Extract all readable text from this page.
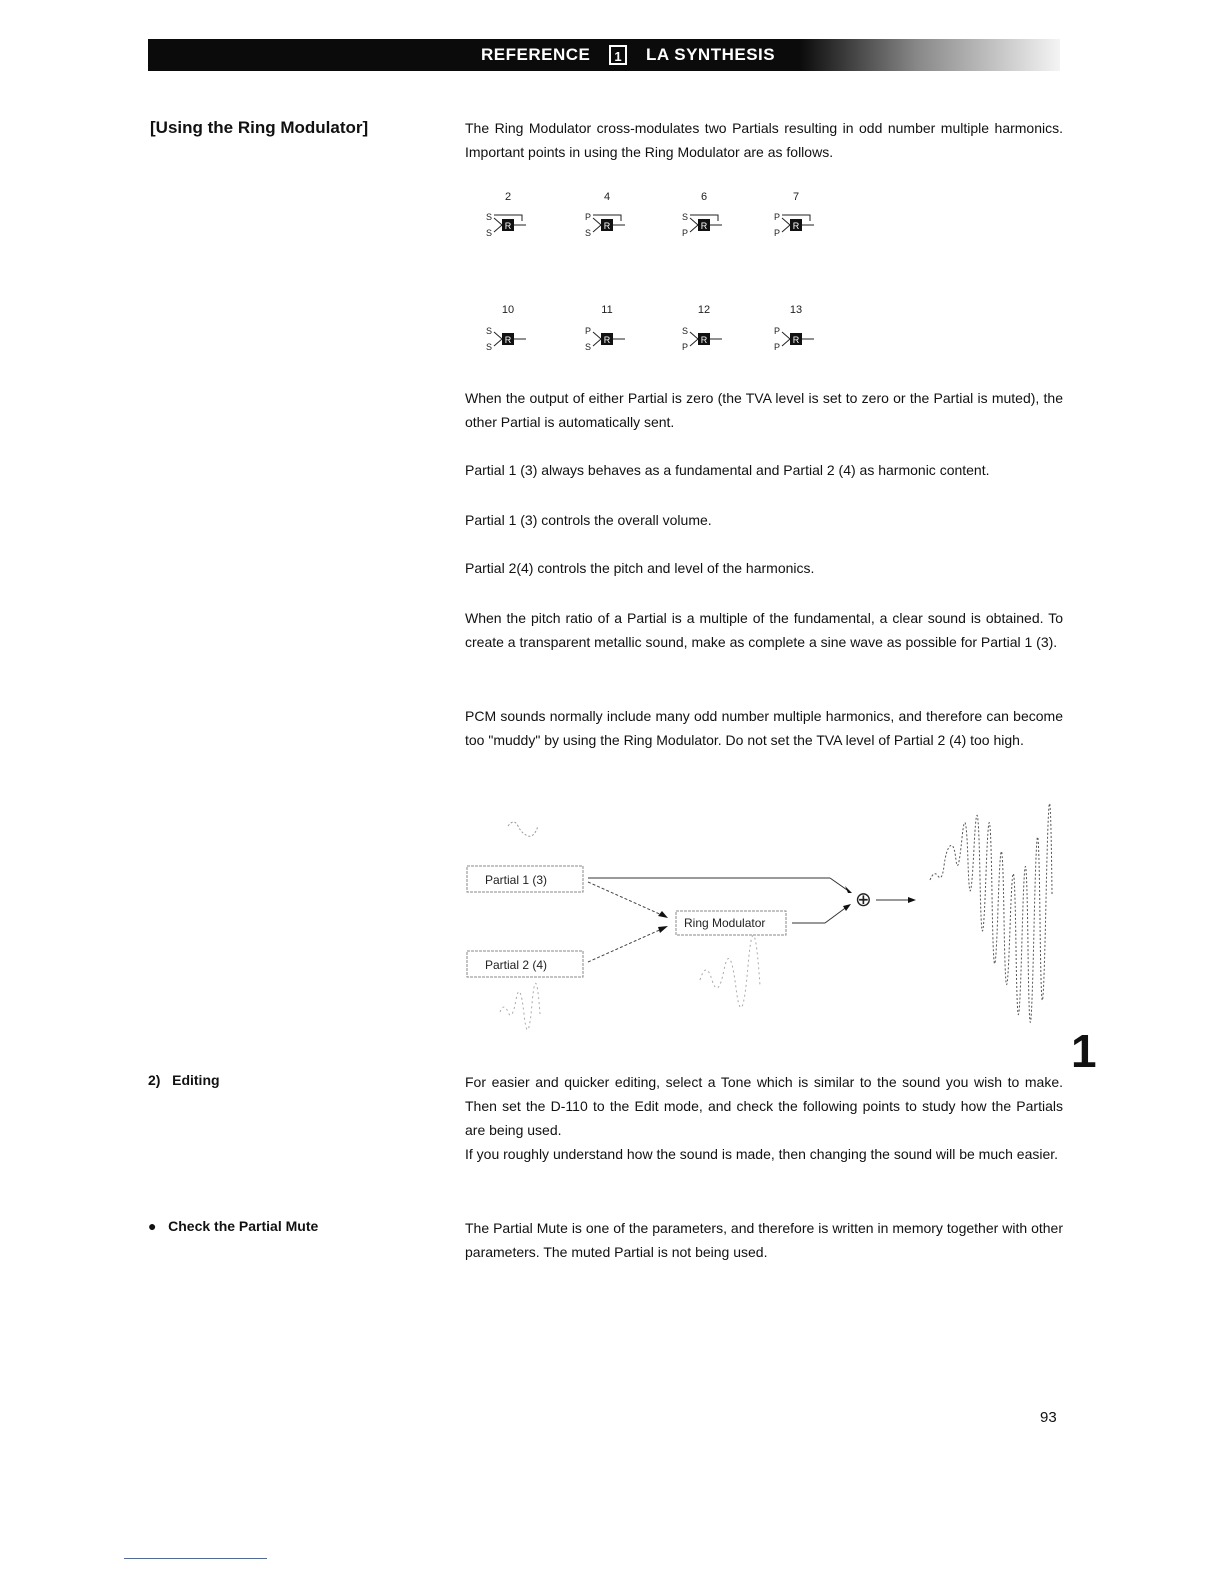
REFERENCE	1	LA SYNTHESIS
[Using the Ring Modulator]	The Ring Modulator cross-modulates two Partials resulting in odd number multiple harmonics. Important points in using the Ring Modulator are as follows.

2
S
S
R
4
P
S
R
6
S
P
R
7
P
P
R
10
S
S
R
11
P
S
R
12
S
P
R
13
P
P
R
Partial 1 (3)
Partial 2 (4)
Ring Modulator
⊕

When the output of either Partial is zero (the TVA level is set to zero or the Partial is muted), the other Partial is automatically sent.

Partial 1 (3) always behaves as a fundamental and Partial 2 (4) as harmonic content.

Partial 1 (3) controls the overall volume.

Partial 2(4) controls the pitch and level of the harmonics.

When the pitch ratio of a Partial is a multiple of the fundamental, a clear sound is obtained. To create a transparent metallic sound, make as complete a sine wave as possible for Partial 1 (3).

PCM sounds normally include many odd number multiple harmonics, and therefore can become too "muddy" by using the Ring Modulator. Do not set the TVA level of Partial 2 (4) too high.

1
2)   Editing	For easier and quicker editing, select a Tone which is similar to the sound you wish to make. Then set the D-110 to the Edit mode, and check the following points to study how the Partials are being used.

If you roughly understand how the sound is made, then changing the sound will be much easier.

●   Check the Partial Mute	The Partial Mute is one of the parameters, and therefore is written in memory together with other parameters. The muted Partial is not being used.

93
